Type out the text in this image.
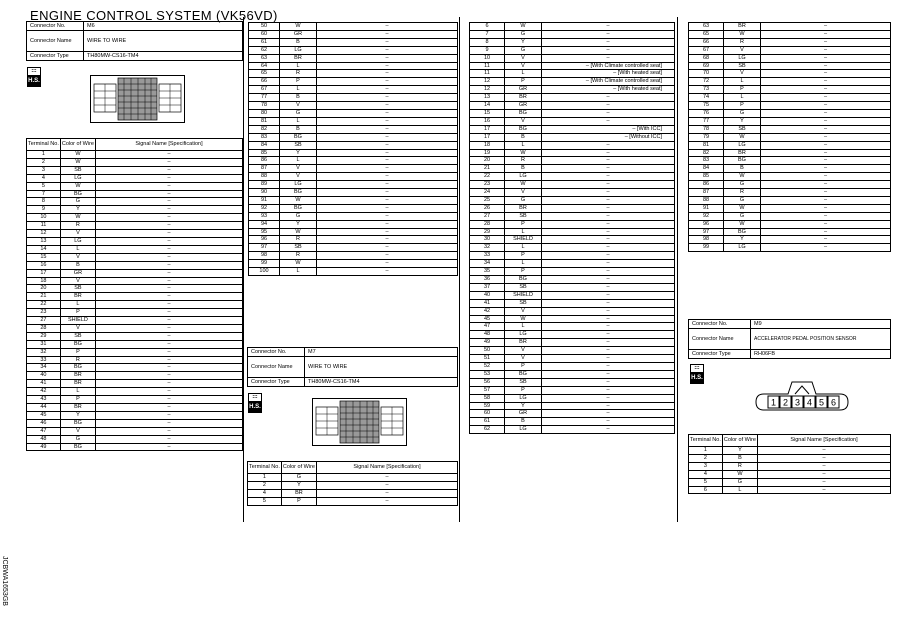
ENGINE CONTROL SYSTEM (VK56VD)
JCBWA1653GB
Connector No.	M6
Connector Name	WIRE TO WIRE
Connector Type	TH80MW-CS16-TM4
☷
H.S.
Terminal No.	Color of Wire	Signal Name [Specification]
1	W	–
2	W	–
3	SB	–
4	LG	–
5	W	–
7	BG	–
8	G	–
9	Y	–
10	W	–
11	R	–
12	V	–
13	LG	–
14	L	–
15	V	–
16	B	–
17	GR	–
18	V	–
20	SB	–
21	BR	–
22	L	–
23	P	–
27	SHIELD	–
28	V	–
29	SB	–
31	BG	–
32	P	–
33	R	–
34	BG	–
40	BR	–
41	BR	–
42	L	–
43	P	–
44	BR	–
45	Y	–
46	BG	–
47	V	–
48	G	–
49	BG	–
50	W	–
60	GR	–
61	B	–
62	LG	–
63	BR	–
64	L	–
65	R	–
66	P	–
67	L	–
77	B	–
78	V	–
80	G	–
81	L	–
82	B	–
83	BG	–
84	SB	–
85	Y	–
86	L	–
87	V	–
88	V	–
89	LG	–
90	BG	–
91	W	–
92	BG	–
93	G	–
94	Y	–
95	W	–
96	R	–
97	SB	–
98	R	–
99	W	–
100	L	–
Connector No.	M7
Connector Name	WIRE TO WIRE
Connector Type	TH80MW-CS16-TM4
☷
H.S.
Terminal No.	Color of Wire	Signal Name [Specification]
1	G	–
2	Y	–
4	BR	–
5	P	–
6	W	–
7	G	–
8	Y	–
9	G	–
10	V	–
11	V	– [With Climate controlled seat]
11	L	– [With heated seat]
12	P	– [With Climate controlled seat]
12	GR	– [With heated seat]
13	BR	–
14	GR	–
15	BG	–
16	V	–
17	BG	– [With ICC]
17	B	– [Without ICC]
18	L	–
19	W	–
20	R	–
21	B	–
22	LG	–
23	W	–
24	V	–
25	G	–
26	BR	–
27	SB	–
28	P	–
29	L	–
30	SHIELD	–
32	L	–
33	P	–
34	L	–
35	P	–
36	BG	–
37	SB	–
40	SHIELD	–
41	SB	–
42	V	–
45	W	–
47	L	–
48	LG	–
49	BR	–
50	V	–
51	V	–
52	P	–
53	BG	–
56	SB	–
57	P	–
58	LG	–
59	Y	–
60	GR	–
61	B	–
62	LG	–
63	BR	–
65	W	–
66	R	–
67	V	–
68	LG	–
69	SB	–
70	V	–
72	L	–
73	P	–
74	L	–
75	P	–
76	G	–
77	Y	–
78	SB	–
79	W	–
81	LG	–
82	BR	–
83	BG	–
84	B	–
85	W	–
86	G	–
87	R	–
88	G	–
91	W	–
92	G	–
96	W	–
97	BG	–
98	Y	–
99	LG	–
Connector No.	M9
Connector Name	ACCELERATOR PEDAL POSITION SENSOR
Connector Type	RH06FB
☷
H.S.
1 2 3 4 5 6
Terminal No.	Color of Wire	Signal Name [Specification]
1	Y	–
2	B	–
3	R	–
4	W	–
5	G	–
6	L	–
